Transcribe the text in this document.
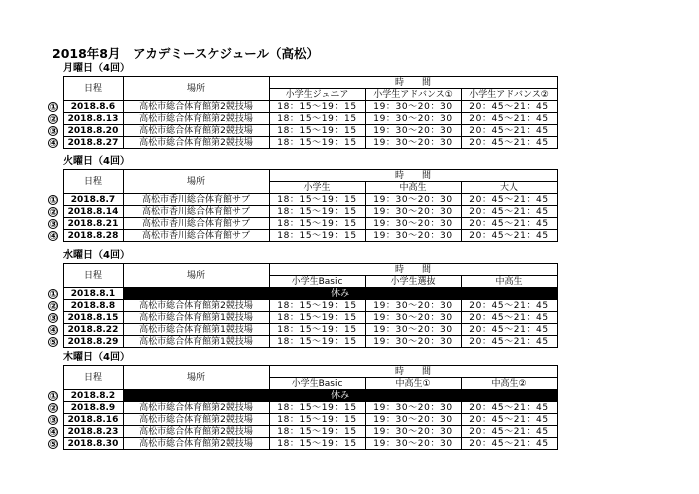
2018年8月　アカデミースケジュール（高松）
月曜日（4回）
	日程	場所	時　　間		
			小学生ジュニア	小学生アドバンス①	小学生アドバンス②
①	2018.8.6	高松市総合体育館第2競技場	18：15～19：15	19：30～20：30	20：45～21：45
②	2018.8.13	高松市総合体育館第2競技場	18：15～19：15	19：30～20：30	20：45～21：45
③	2018.8.20	高松市総合体育館第2競技場	18：15～19：15	19：30～20：30	20：45～21：45
④	2018.8.27	高松市総合体育館第2競技場	18：15～19：15	19：30～20：30	20：45～21：45
火曜日（4回）
	日程	場所	時　　間		
			小学生	中高生	大人
①	2018.8.7	高松市香川総合体育館サブ	18：15～19：15	19：30～20：30	20：45～21：45
②	2018.8.14	高松市香川総合体育館サブ	18：15～19：15	19：30～20：30	20：45～21：45
③	2018.8.21	高松市香川総合体育館サブ	18：15～19：15	19：30～20：30	20：45～21：45
④	2018.8.28	高松市香川総合体育館サブ	18：15～19：15	19：30～20：30	20：45～21：45
水曜日（4回）
	日程	場所	時　　間		
			小学生Basic	小学生選抜	中高生
①	2018.8.1	休み			
②	2018.8.8	高松市総合体育館第2競技場	18：15～19：15	19：30～20：30	20：45～21：45
③	2018.8.15	高松市総合体育館第1競技場	18：15～19：15	19：30～20：30	20：45～21：45
④	2018.8.22	高松市総合体育館第1競技場	18：15～19：15	19：30～20：30	20：45～21：45
⑤	2018.8.29	高松市総合体育館第1競技場	18：15～19：15	19：30～20：30	20：45～21：45
木曜日（4回）
	日程	場所	時　　間		
			小学生Basic	中高生①	中高生②
①	2018.8.2	休み			
②	2018.8.9	高松市総合体育館第2競技場	18：15～19：15	19：30～20：30	20：45～21：45
③	2018.8.16	高松市総合体育館第2競技場	18：15～19：15	19：30～20：30	20：45～21：45
④	2018.8.23	高松市総合体育館第2競技場	18：15～19：15	19：30～20：30	20：45～21：45
⑤	2018.8.30	高松市総合体育館第2競技場	18：15～19：15	19：30～20：30	20：45～21：45
